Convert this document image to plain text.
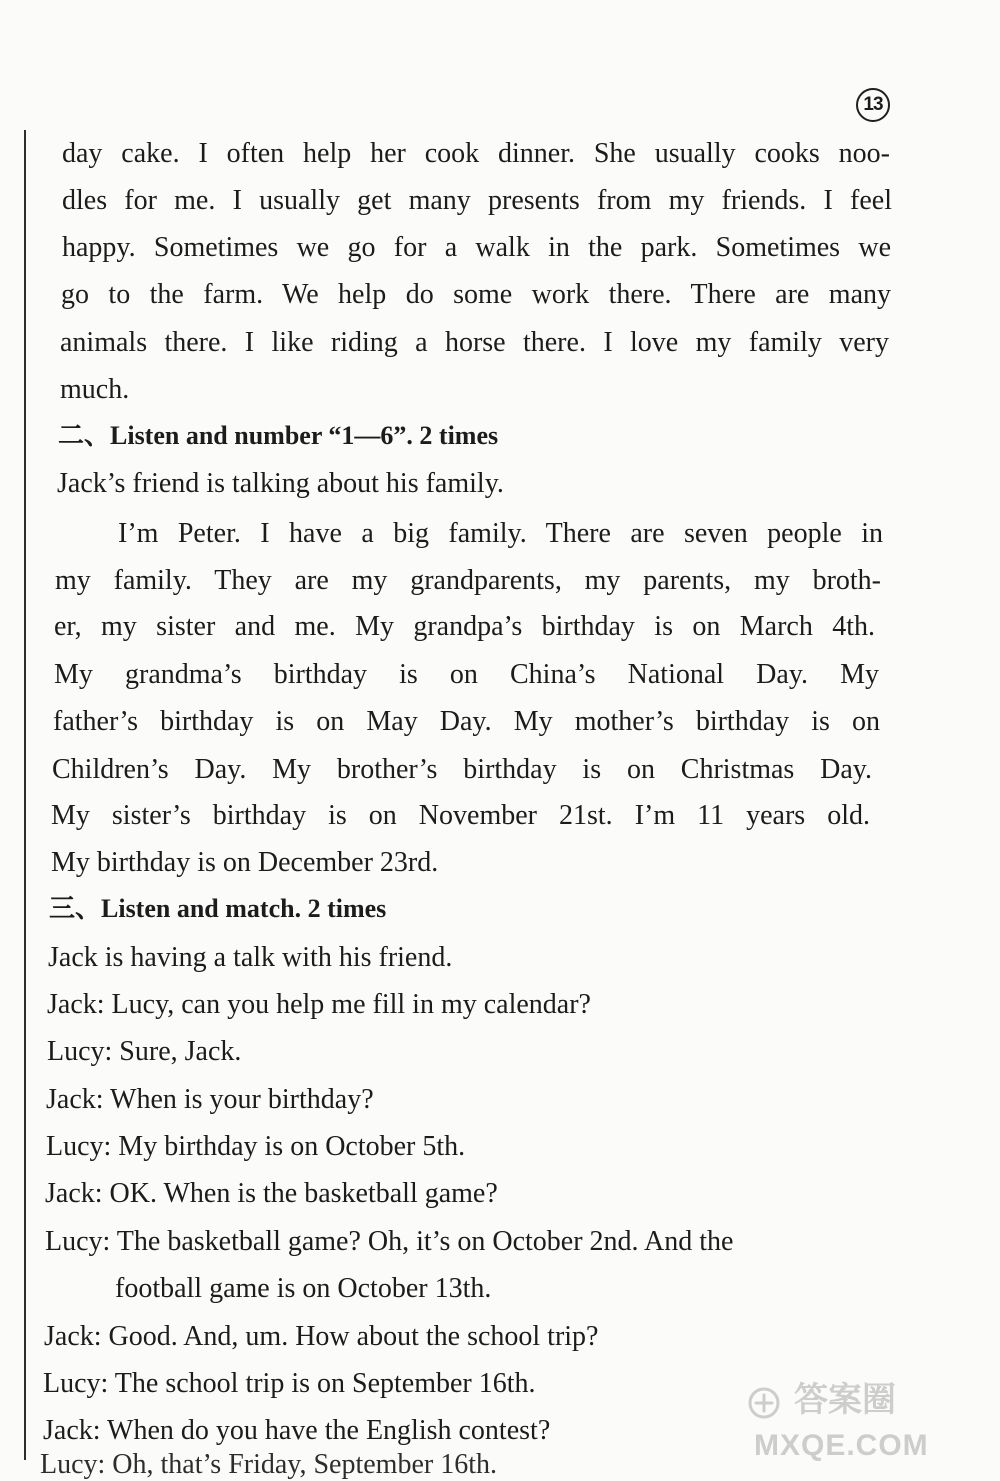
13
day cake. I often help her cook dinner. She usually cooks noo-
dles for me. I usually get many presents from my friends. I feel
happy. Sometimes we go for a walk in the park. Sometimes we
go to the farm. We help do some work there. There are many
animals there. I like riding a horse there. I love my family very
much.
二、Listen and number “1—6”. 2 times
Jack’s friend is talking about his family.
I’m Peter. I have a big family. There are seven people in
my family. They are my grandparents, my parents, my broth-
er, my sister and me. My grandpa’s birthday is on March 4th.
My grandma’s birthday is on China’s National Day. My
father’s birthday is on May Day. My mother’s birthday is on
Children’s Day. My brother’s birthday is on Christmas Day.
My sister’s birthday is on November 21st. I’m 11 years old.
My birthday is on December 23rd.
三、Listen and match. 2 times
Jack is having a talk with his friend.
Jack: Lucy, can you help me fill in my calendar?
Lucy: Sure, Jack.
Jack: When is your birthday?
Lucy: My birthday is on October 5th.
Jack: OK. When is the basketball game?
Lucy: The basketball game? Oh, it’s on October 2nd. And the
football game is on October 13th.
Jack: Good. And, um. How about the school trip?
Lucy: The school trip is on September 16th.
Jack: When do you have the English contest?
Lucy: Oh, that’s Friday, September 16th.
答案圈
MXQE.COM
